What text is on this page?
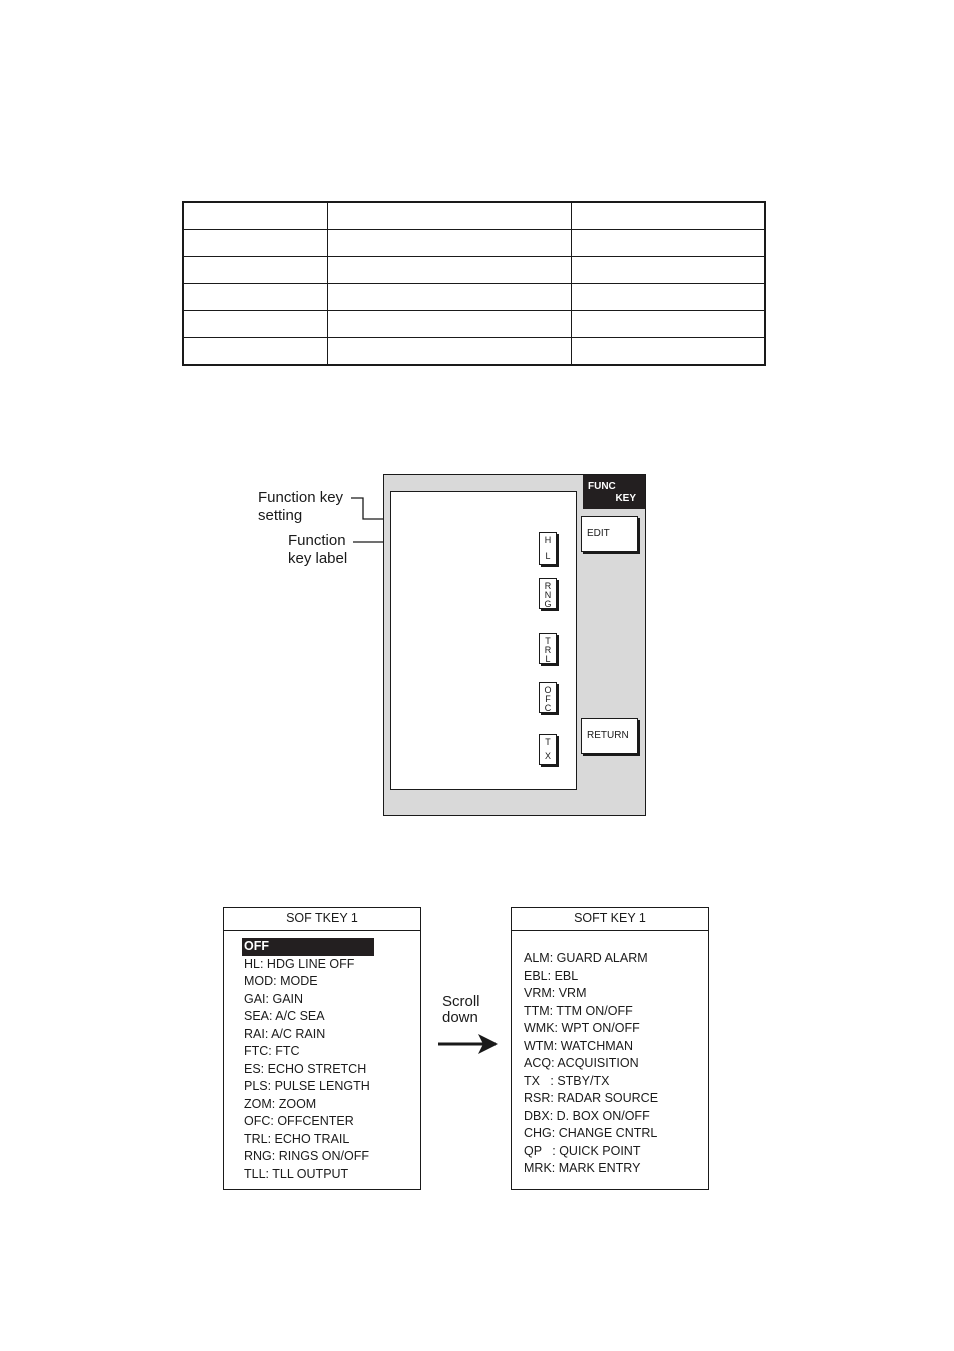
Function key
setting
Function
key label
H
L
R
N
G
T
R
L
O
F
C
T
X
FUNC
KEY
EDIT
RETURN
SOF TKEY 1
OFF
HL: HDG LINE OFF
MOD: MODE
GAI: GAIN
SEA: A/C SEA
RAI: A/C RAIN
FTC: FTC
ES: ECHO STRETCH
PLS: PULSE LENGTH
ZOM: ZOOM
OFC: OFFCENTER
TRL: ECHO TRAIL
RNG: RINGS ON/OFF
TLL: TLL OUTPUT
Scroll
down
SOFT KEY 1
ALM: GUARD ALARM
EBL: EBL
VRM: VRM
TTM: TTM ON/OFF
WMK: WPT ON/OFF
WTM: WATCHMAN
ACQ: ACQUISITION
TX   : STBY/TX
RSR: RADAR SOURCE
DBX: D. BOX ON/OFF
CHG: CHANGE CNTRL
QP   : QUICK POINT
MRK: MARK ENTRY
